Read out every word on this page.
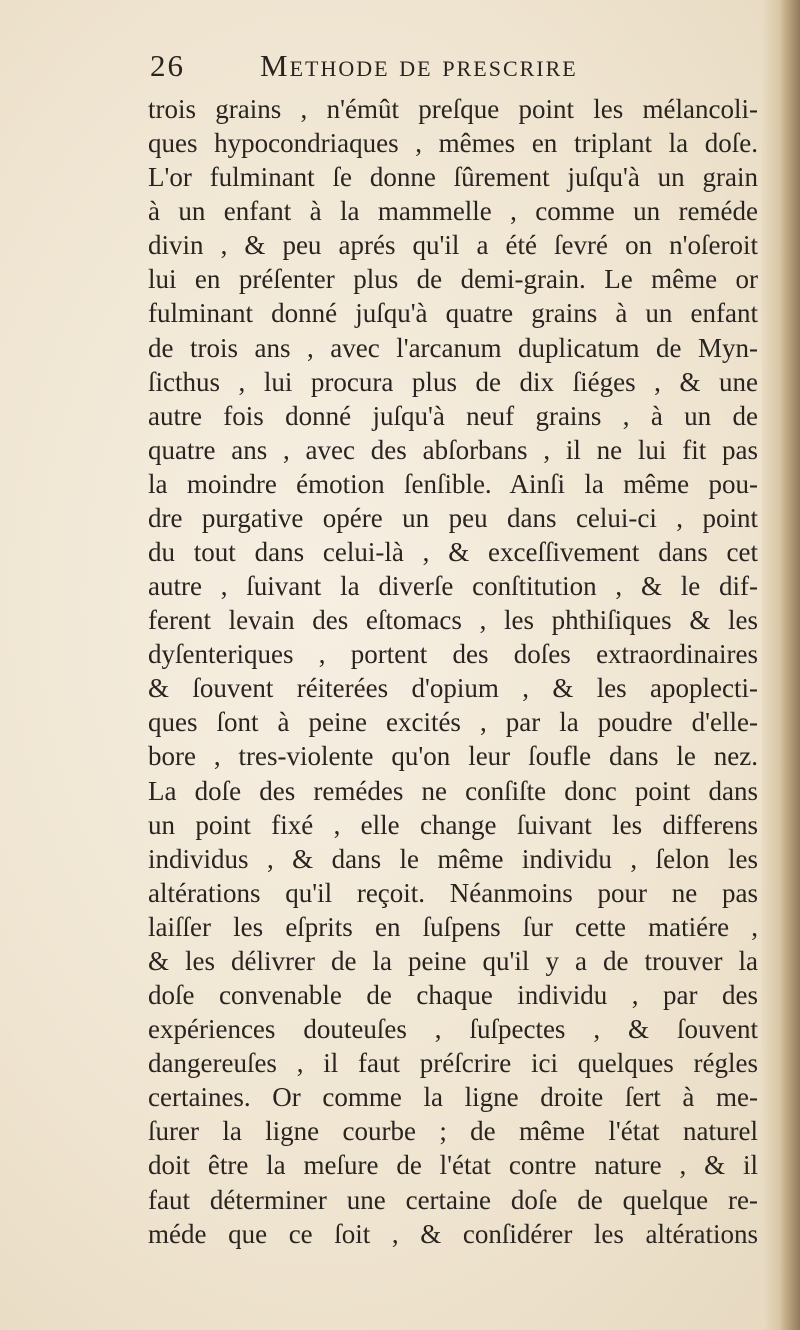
26 Methode de prescrire
trois grains , n'émût preſque point les mélancoli-
ques hypocondriaques , mêmes en triplant la doſe.
L'or fulminant ſe donne ſûrement juſqu'à un grain
à un enfant à la mammelle , comme un reméde
divin , & peu aprés qu'il a été ſevré on n'oſeroit
lui en préſenter plus de demi-grain. Le même or
fulminant donné juſqu'à quatre grains à un enfant
de trois ans , avec l'arcanum duplicatum de Myn-
ſicthus , lui procura plus de dix ſiéges , & une
autre fois donné juſqu'à neuf grains , à un de
quatre ans , avec des abſorbans , il ne lui fit pas
la moindre émotion ſenſible. Ainſi la même pou-
dre purgative opére un peu dans celui-ci , point
du tout dans celui-là , & exceſſivement dans cet
autre , ſuivant la diverſe conſtitution , & le dif-
ferent levain des eſtomacs , les phthiſiques & les
dyſenteriques , portent des doſes extraordinaires
& ſouvent réiterées d'opium , & les apoplecti-
ques ſont à peine excités , par la poudre d'elle-
bore , tres-violente qu'on leur ſoufle dans le nez.
La doſe des remédes ne conſiſte donc point dans
un point fixé , elle change ſuivant les differens
individus , & dans le même individu , ſelon les
altérations qu'il reçoit. Néanmoins pour ne pas
laiſſer les eſprits en ſuſpens ſur cette matiére ,
& les délivrer de la peine qu'il y a de trouver la
doſe convenable de chaque individu , par des
expériences douteuſes , ſuſpectes , & ſouvent
dangereuſes , il faut préſcrire ici quelques régles
certaines. Or comme la ligne droite ſert à me-
ſurer la ligne courbe ; de même l'état naturel
doit être la meſure de l'état contre nature , & il
faut déterminer une certaine doſe de quelque re-
méde que ce ſoit , & conſidérer les altérations
